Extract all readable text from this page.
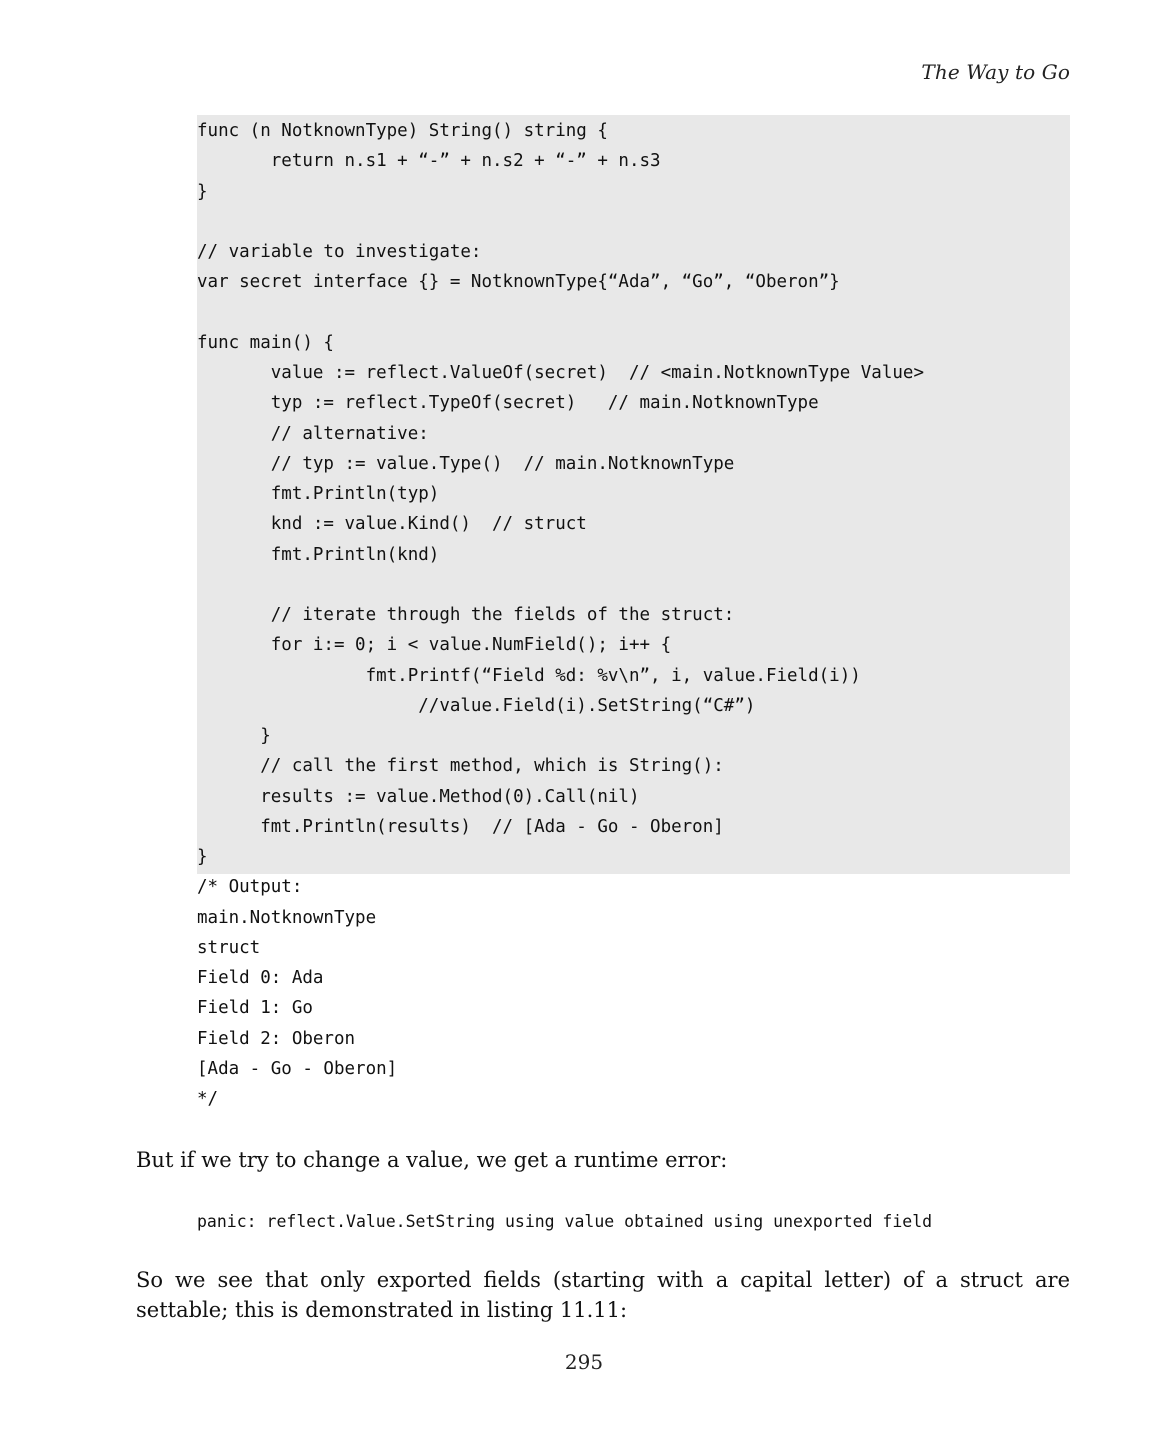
The Way to Go
func (n NotknownType) String() string {
return n.s1 + “-” + n.s2 + “-” + n.s3
}
// variable to investigate:
var secret interface {} = NotknownType{“Ada”, “Go”, “Oberon”}
func main() {
value := reflect.ValueOf(secret)  // <main.NotknownType Value>
typ := reflect.TypeOf(secret)   // main.NotknownType
// alternative:
// typ := value.Type()  // main.NotknownType
fmt.Println(typ)
knd := value.Kind()  // struct
fmt.Println(knd)
// iterate through the fields of the struct:
for i:= 0; i < value.NumField(); i++ {
fmt.Printf(“Field %d: %v\n”, i, value.Field(i))
//value.Field(i).SetString(“C#”)
}
// call the first method, which is String():
results := value.Method(0).Call(nil)
fmt.Println(results)  // [Ada - Go - Oberon]
}
/* Output:
main.NotknownType
struct
Field 0: Ada
Field 1: Go
Field 2: Oberon
[Ada - Go - Oberon]
*/
But if we try to change a value, we get a runtime error:
panic: reflect.Value.SetString using value obtained using unexported field
So we see that only exported fields (starting with a capital letter) of a struct are settable; this is demonstrated in listing 11.11:
295
